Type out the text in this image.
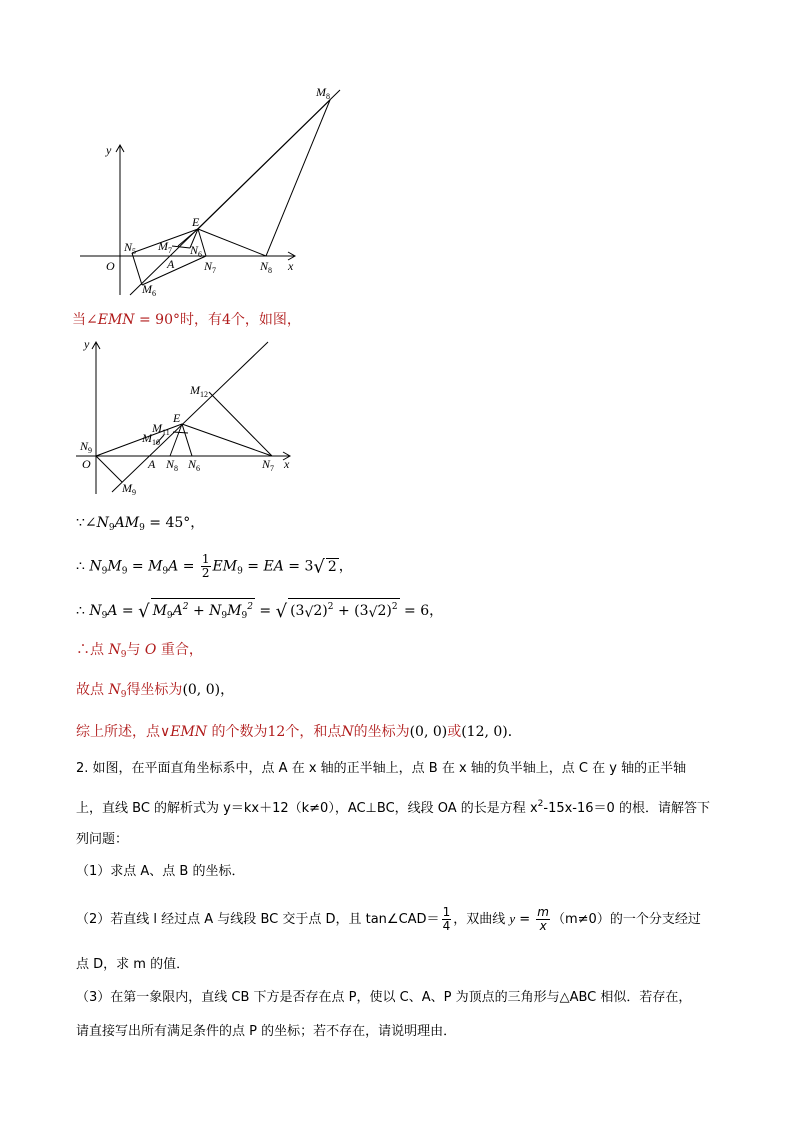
y
x
O
$M_8$
E
$N_5$ $M_7$ $N_6$
A $N_7$	$N_8$
$M_6$
当∠EMN = 90°时，有4个，如图，
y
x
O
$M_{12}$
E
$M_{11}$
$M_{10}$
$N_9$
A $N_8$ $N_6$	$N_7$
$M_9$
$\because\angle N_9AM_9 = 45^\circ$，
∴ $N_9M_9 = M_9A = \frac{1}{2} EM_9$ = EA = 3√ 2 ，
∴ $N_9A$ = √ $M_9A^2 + N_9M_9^2$ = √ $(3√2)^2 + (3√2)^2 = 6$，
∴点 $N_9$与 O 重合，
故点 $N_9$得坐标为(0, 0)，
综上所述，点∨EMN 的个数为12个，和点N的坐标为(0, 0)或(12, 0)．
2. 如图，在平面直角坐标系中，点 A 在 x 轴的正半轴上，点 B 在 x 轴的负半轴上，点 C 在 y 轴的正半轴
上，直线 BC 的解析式为 y＝kx＋12（k≠0），AC⊥BC，线段 OA 的长是方程 $x^2-15x-16=0$ 的根．请解答下
列问题：
（1）求点 A、点 B 的坐标．
（2）若直线 l 经过点 A 与线段 BC 交于点 D，且 tan∠CAD＝ $\frac{1}{4}$ ，双曲线 $y = \frac{m}{x} (m\ne 0)$的一个分支经过
点 D，求 m 的值．
（3）在第一象限内，直线 CB 下方是否存在点 P，使以 C、A、P 为顶点的三角形与△ABC 相似．若存在，
请直接写出所有满足条件的点 P 的坐标；若不存在，请说明理由．
